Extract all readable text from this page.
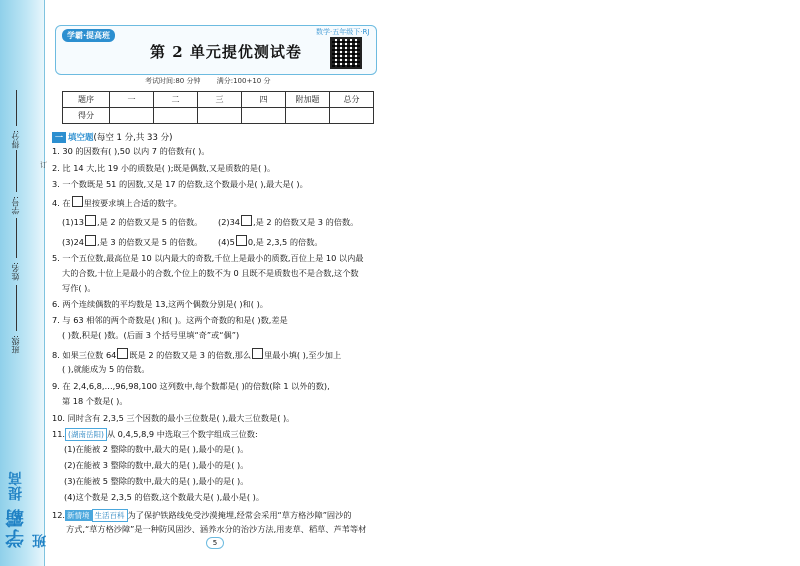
得分:
学号:
姓名:
班级:
学霸 提高班
订
学霸·提高班	数学·五年级下·RJ
第 2 单元提优测试卷
考试时间:80 分钟 满分:100+10 分
题序	一	二	三	四	附加题	总分
得分						
一 填空题(每空 1 分,共 33 分)
1. 30 的因数有( ),50 以内 7 的倍数有( )。
2. 比 14 大,比 19 小的质数是( );既是偶数,又是质数的是( )。
3. 一个数既是 51 的因数,又是 17 的倍数,这个数最小是( ),最大是( )。
4. 在 里按要求填上合适的数字。
(1)13 ,是 2 的倍数又是 5 的倍数。 (2)34 ,是 2 的倍数又是 3 的倍数。
(3)24 ,是 3 的倍数又是 5 的倍数。 (4)5 0,是 2,3,5 的倍数。
5. 一个五位数,最高位是 10 以内最大的奇数,千位上是最小的质数,百位上是 10 以内最
大的合数,十位上是最小的合数,个位上的数不为 0 且既不是质数也不是合数,这个数
写作( )。
6. 两个连续偶数的平均数是 13,这两个偶数分别是( )和( )。
7. 与 63 相邻的两个奇数是( )和( )。这两个奇数的和是( )数,差是
( )数,积是( )数。(后面 3 个括号里填“奇”或“偶”)
8. 如果三位数 64 既是 2 的倍数又是 3 的倍数,那么 里最小填( ),至少加上
( ),就能成为 5 的倍数。
9. 在 2,4,6,8,…,96,98,100 这列数中,每个数都是( )的倍数(除 1 以外的数),
第 18 个数是( )。
10. 同时含有 2,3,5 三个因数的最小三位数是( ),最大三位数是( )。
11. (湖南岳阳) 从 0,4,5,8,9 中选取三个数字组成三位数:
(1)在能被 2 整除的数中,最大的是( ),最小的是( )。
(2)在能被 3 整除的数中,最大的是( ),最小的是( )。
(3)在能被 5 整除的数中,最大的是( ),最小的是( )。
(4)这个数是 2,3,5 的倍数,这个数最大是( ),最小是( )。
12. 新情境 生活百科 为了保护铁路线免受沙漠掩埋,经常会采用“草方格沙障”固沙的
方式,“草方格沙障”是一种防风固沙、涵养水分的治沙方法,用麦草、稻草、芦苇等材
5
